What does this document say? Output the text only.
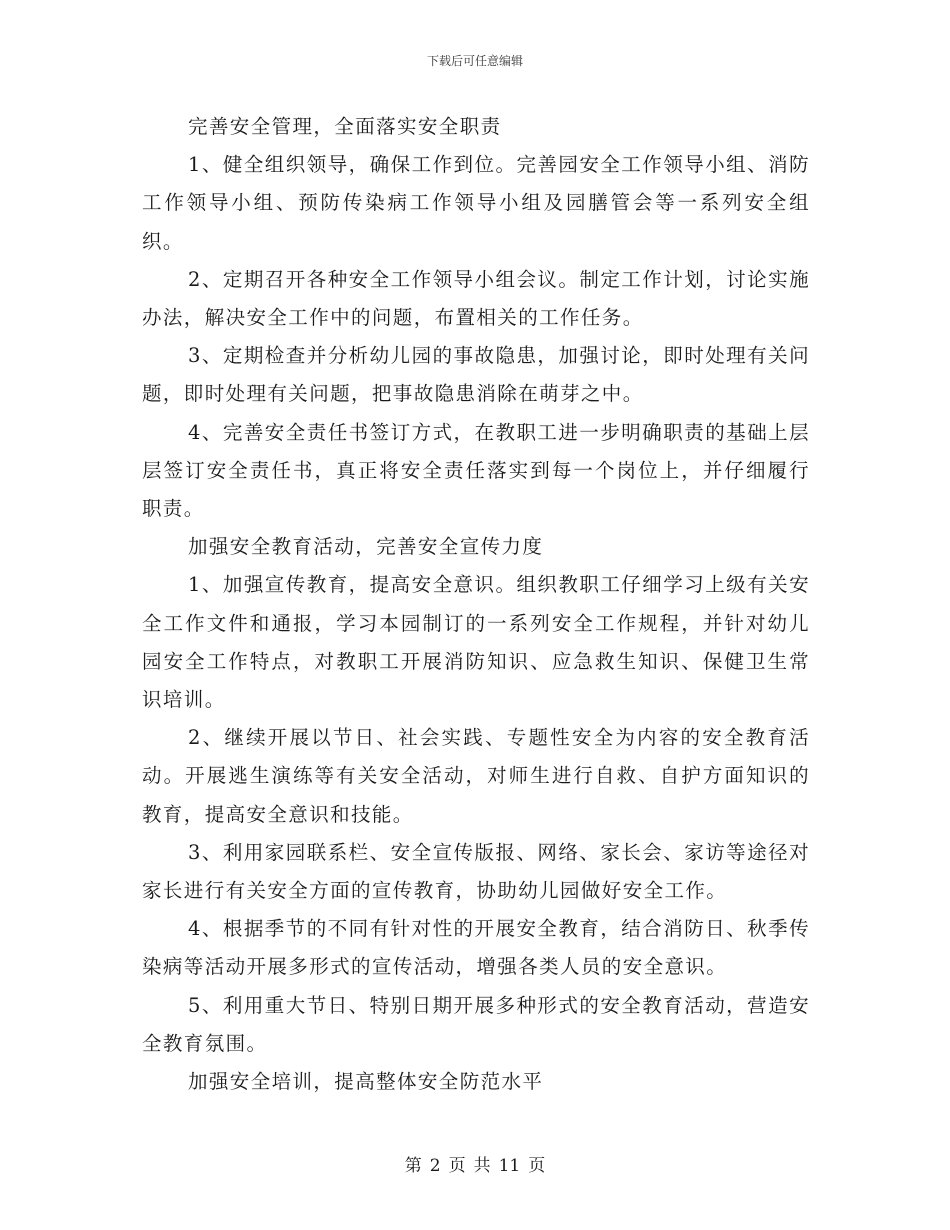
下载后可任意编辑

完善安全管理，全面落实安全职责

1、健全组织领导，确保工作到位。完善园安全工作领导小组、消防工作领导小组、预防传染病工作领导小组及园膳管会等一系列安全组织。

2、定期召开各种安全工作领导小组会议。制定工作计划，讨论实施办法，解决安全工作中的问题，布置相关的工作任务。

3、定期检查并分析幼儿园的事故隐患，加强讨论，即时处理有关问题，即时处理有关问题，把事故隐患消除在萌芽之中。

4、完善安全责任书签订方式，在教职工进一步明确职责的基础上层层签订安全责任书，真正将安全责任落实到每一个岗位上，并仔细履行职责。

加强安全教育活动，完善安全宣传力度

1、加强宣传教育，提高安全意识。组织教职工仔细学习上级有关安全工作文件和通报，学习本园制订的一系列安全工作规程，并针对幼儿园安全工作特点，对教职工开展消防知识、应急救生知识、保健卫生常识培训。

2、继续开展以节日、社会实践、专题性安全为内容的安全教育活动。开展逃生演练等有关安全活动，对师生进行自救、自护方面知识的教育，提高安全意识和技能。

3、利用家园联系栏、安全宣传版报、网络、家长会、家访等途径对家长进行有关安全方面的宣传教育，协助幼儿园做好安全工作。

4、根据季节的不同有针对性的开展安全教育，结合消防日、秋季传染病等活动开展多形式的宣传活动，增强各类人员的安全意识。

5、利用重大节日、特别日期开展多种形式的安全教育活动，营造安全教育氛围。

加强安全培训，提高整体安全防范水平

第 2 页 共 11 页
